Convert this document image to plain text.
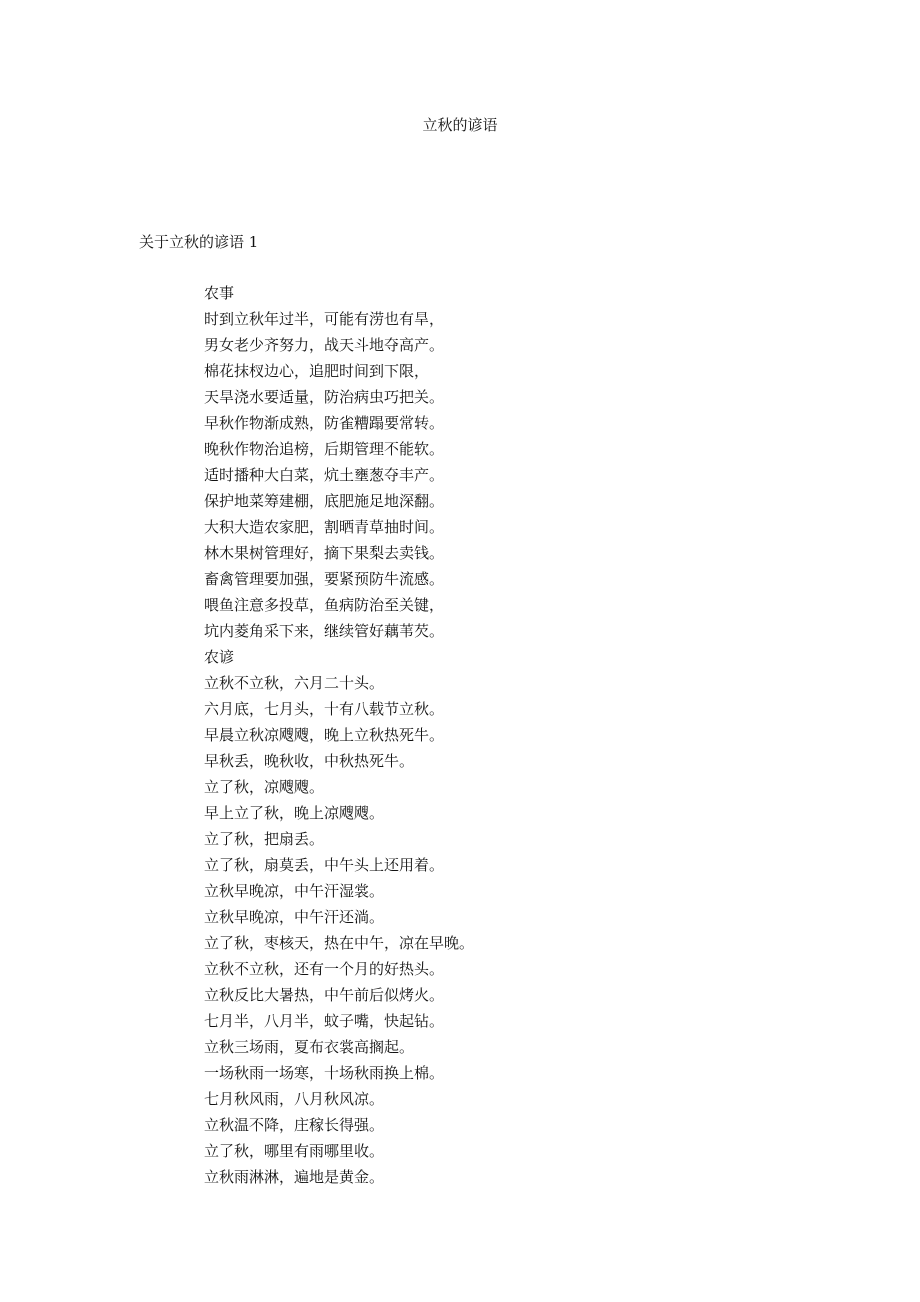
立秋的谚语
关于立秋的谚语 1
农事
时到立秋年过半，可能有涝也有旱，
男女老少齐努力，战天斗地夺高产。
棉花抹杈边心，追肥时间到下限，
天旱浇水要适量，防治病虫巧把关。
早秋作物渐成熟，防雀糟蹋要常转。
晚秋作物治追榜，后期管理不能软。
适时播种大白菜，炕土壅葱夺丰产。
保护地菜筹建棚，底肥施足地深翻。
大积大造农家肥，割晒青草抽时间。
林木果树管理好，摘下果梨去卖钱。
畜禽管理要加强，要紧预防牛流感。
喂鱼注意多投草，鱼病防治至关键，
坑内菱角采下来，继续管好藕苇芡。
农谚
立秋不立秋，六月二十头。
六月底，七月头，十有八载节立秋。
早晨立秋凉飕飕，晚上立秋热死牛。
早秋丢，晚秋收，中秋热死牛。
立了秋，凉飕飕。
早上立了秋，晚上凉飕飕。
立了秋，把扇丢。
立了秋，扇莫丢，中午头上还用着。
立秋早晚凉，中午汗湿裳。
立秋早晚凉，中午汗还淌。
立了秋，枣核天，热在中午，凉在早晚。
立秋不立秋，还有一个月的好热头。
立秋反比大暑热，中午前后似烤火。
七月半，八月半，蚊子嘴，快起钻。
立秋三场雨，夏布衣裳高搁起。
一场秋雨一场寒，十场秋雨换上棉。
七月秋风雨，八月秋风凉。
立秋温不降，庄稼长得强。
立了秋，哪里有雨哪里收。
立秋雨淋淋，遍地是黄金。
